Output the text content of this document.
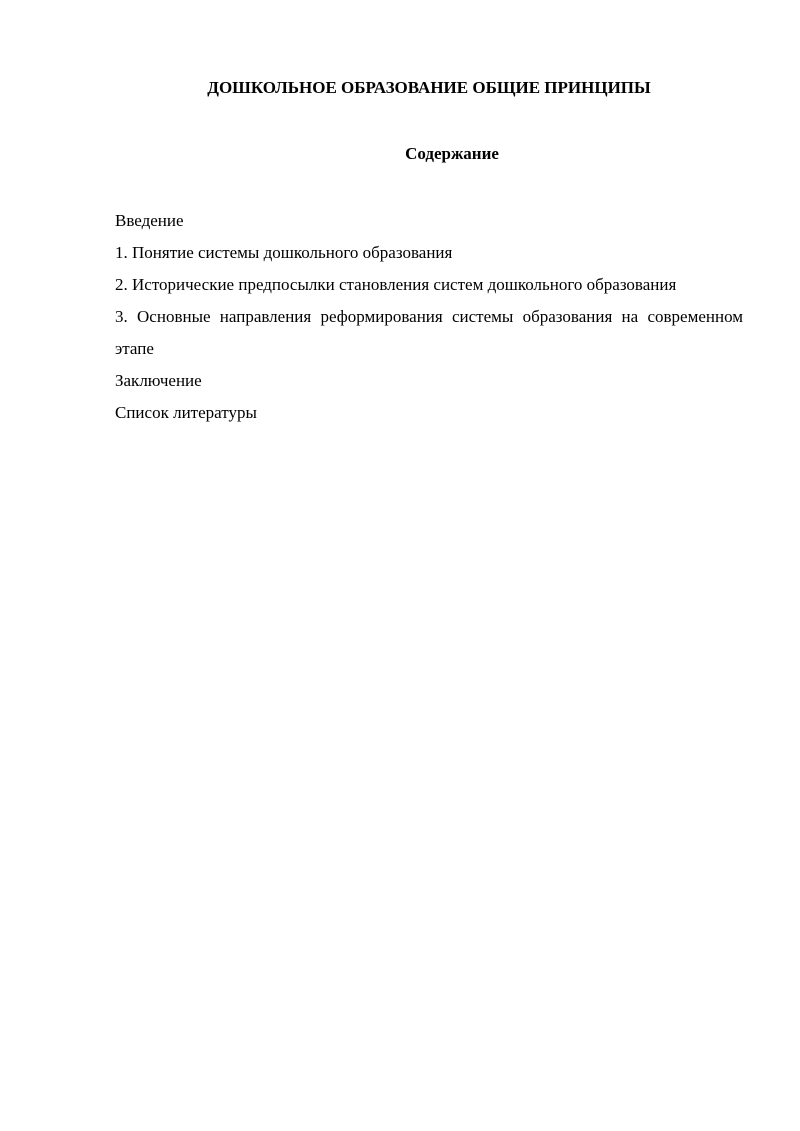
ДОШКОЛЬНОЕ ОБРАЗОВАНИЕ ОБЩИЕ ПРИНЦИПЫ
Содержание
Введение
1. Понятие системы дошкольного образования
2. Исторические предпосылки становления систем дошкольного образования
3. Основные направления реформирования системы образования на современном этапе
Заключение
Список литературы
